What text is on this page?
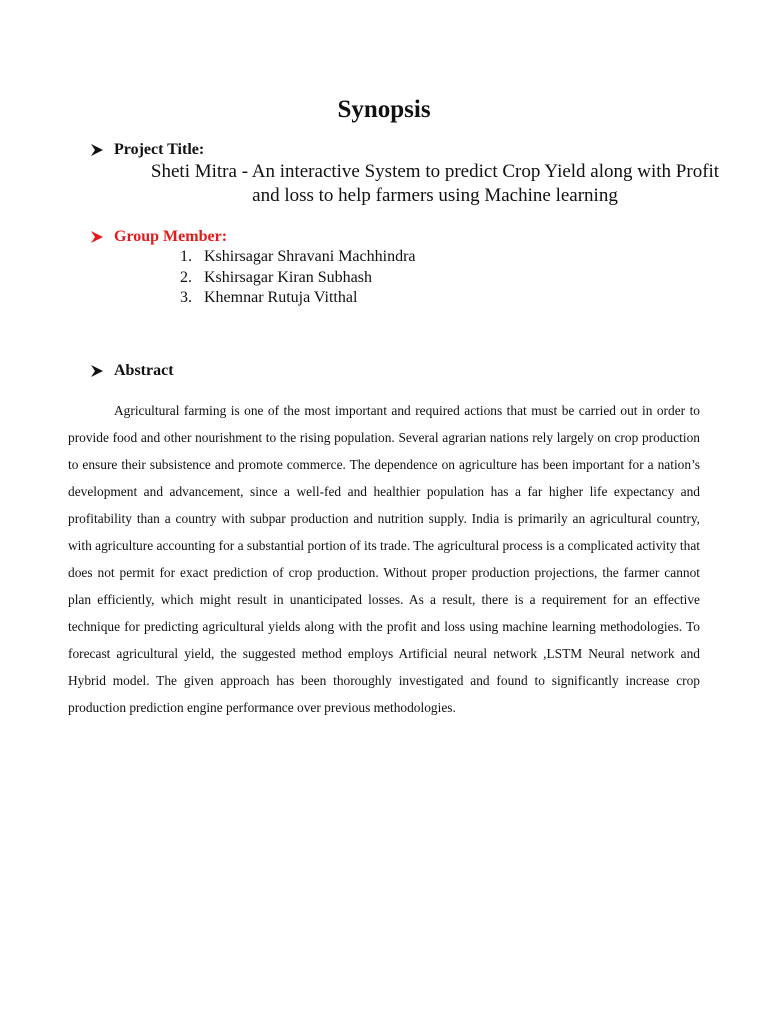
Synopsis
Project Title:

Sheti Mitra - An interactive System to predict Crop Yield along with Profit and loss to help farmers using Machine learning

Group Member:
1. Kshirsagar Shravani Machhindra
2. Kshirsagar Kiran Subhash
3. Khemnar Rutuja Vitthal
Abstract

Agricultural farming is one of the most important and required actions that must be carried out in order to provide food and other nourishment to the rising population. Several agrarian nations rely largely on crop production to ensure their subsistence and promote commerce. The dependence on agriculture has been important for a nation’s development and advancement, since a well-fed and healthier population has a far higher life expectancy and profitability than a country with subpar production and nutrition supply. India is primarily an agricultural country, with agriculture accounting for a substantial portion of its trade. The agricultural process is a complicated activity that does not permit for exact prediction of crop production. Without proper production projections, the farmer cannot plan efficiently, which might result in unanticipated losses. As a result, there is a requirement for an effective technique for predicting agricultural yields along with the profit and loss using machine learning methodologies. To forecast agricultural yield, the suggested method employs Artificial neural network ,LSTM Neural network and Hybrid model. The given approach has been thoroughly investigated and found to significantly increase crop production prediction engine performance over previous methodologies.
